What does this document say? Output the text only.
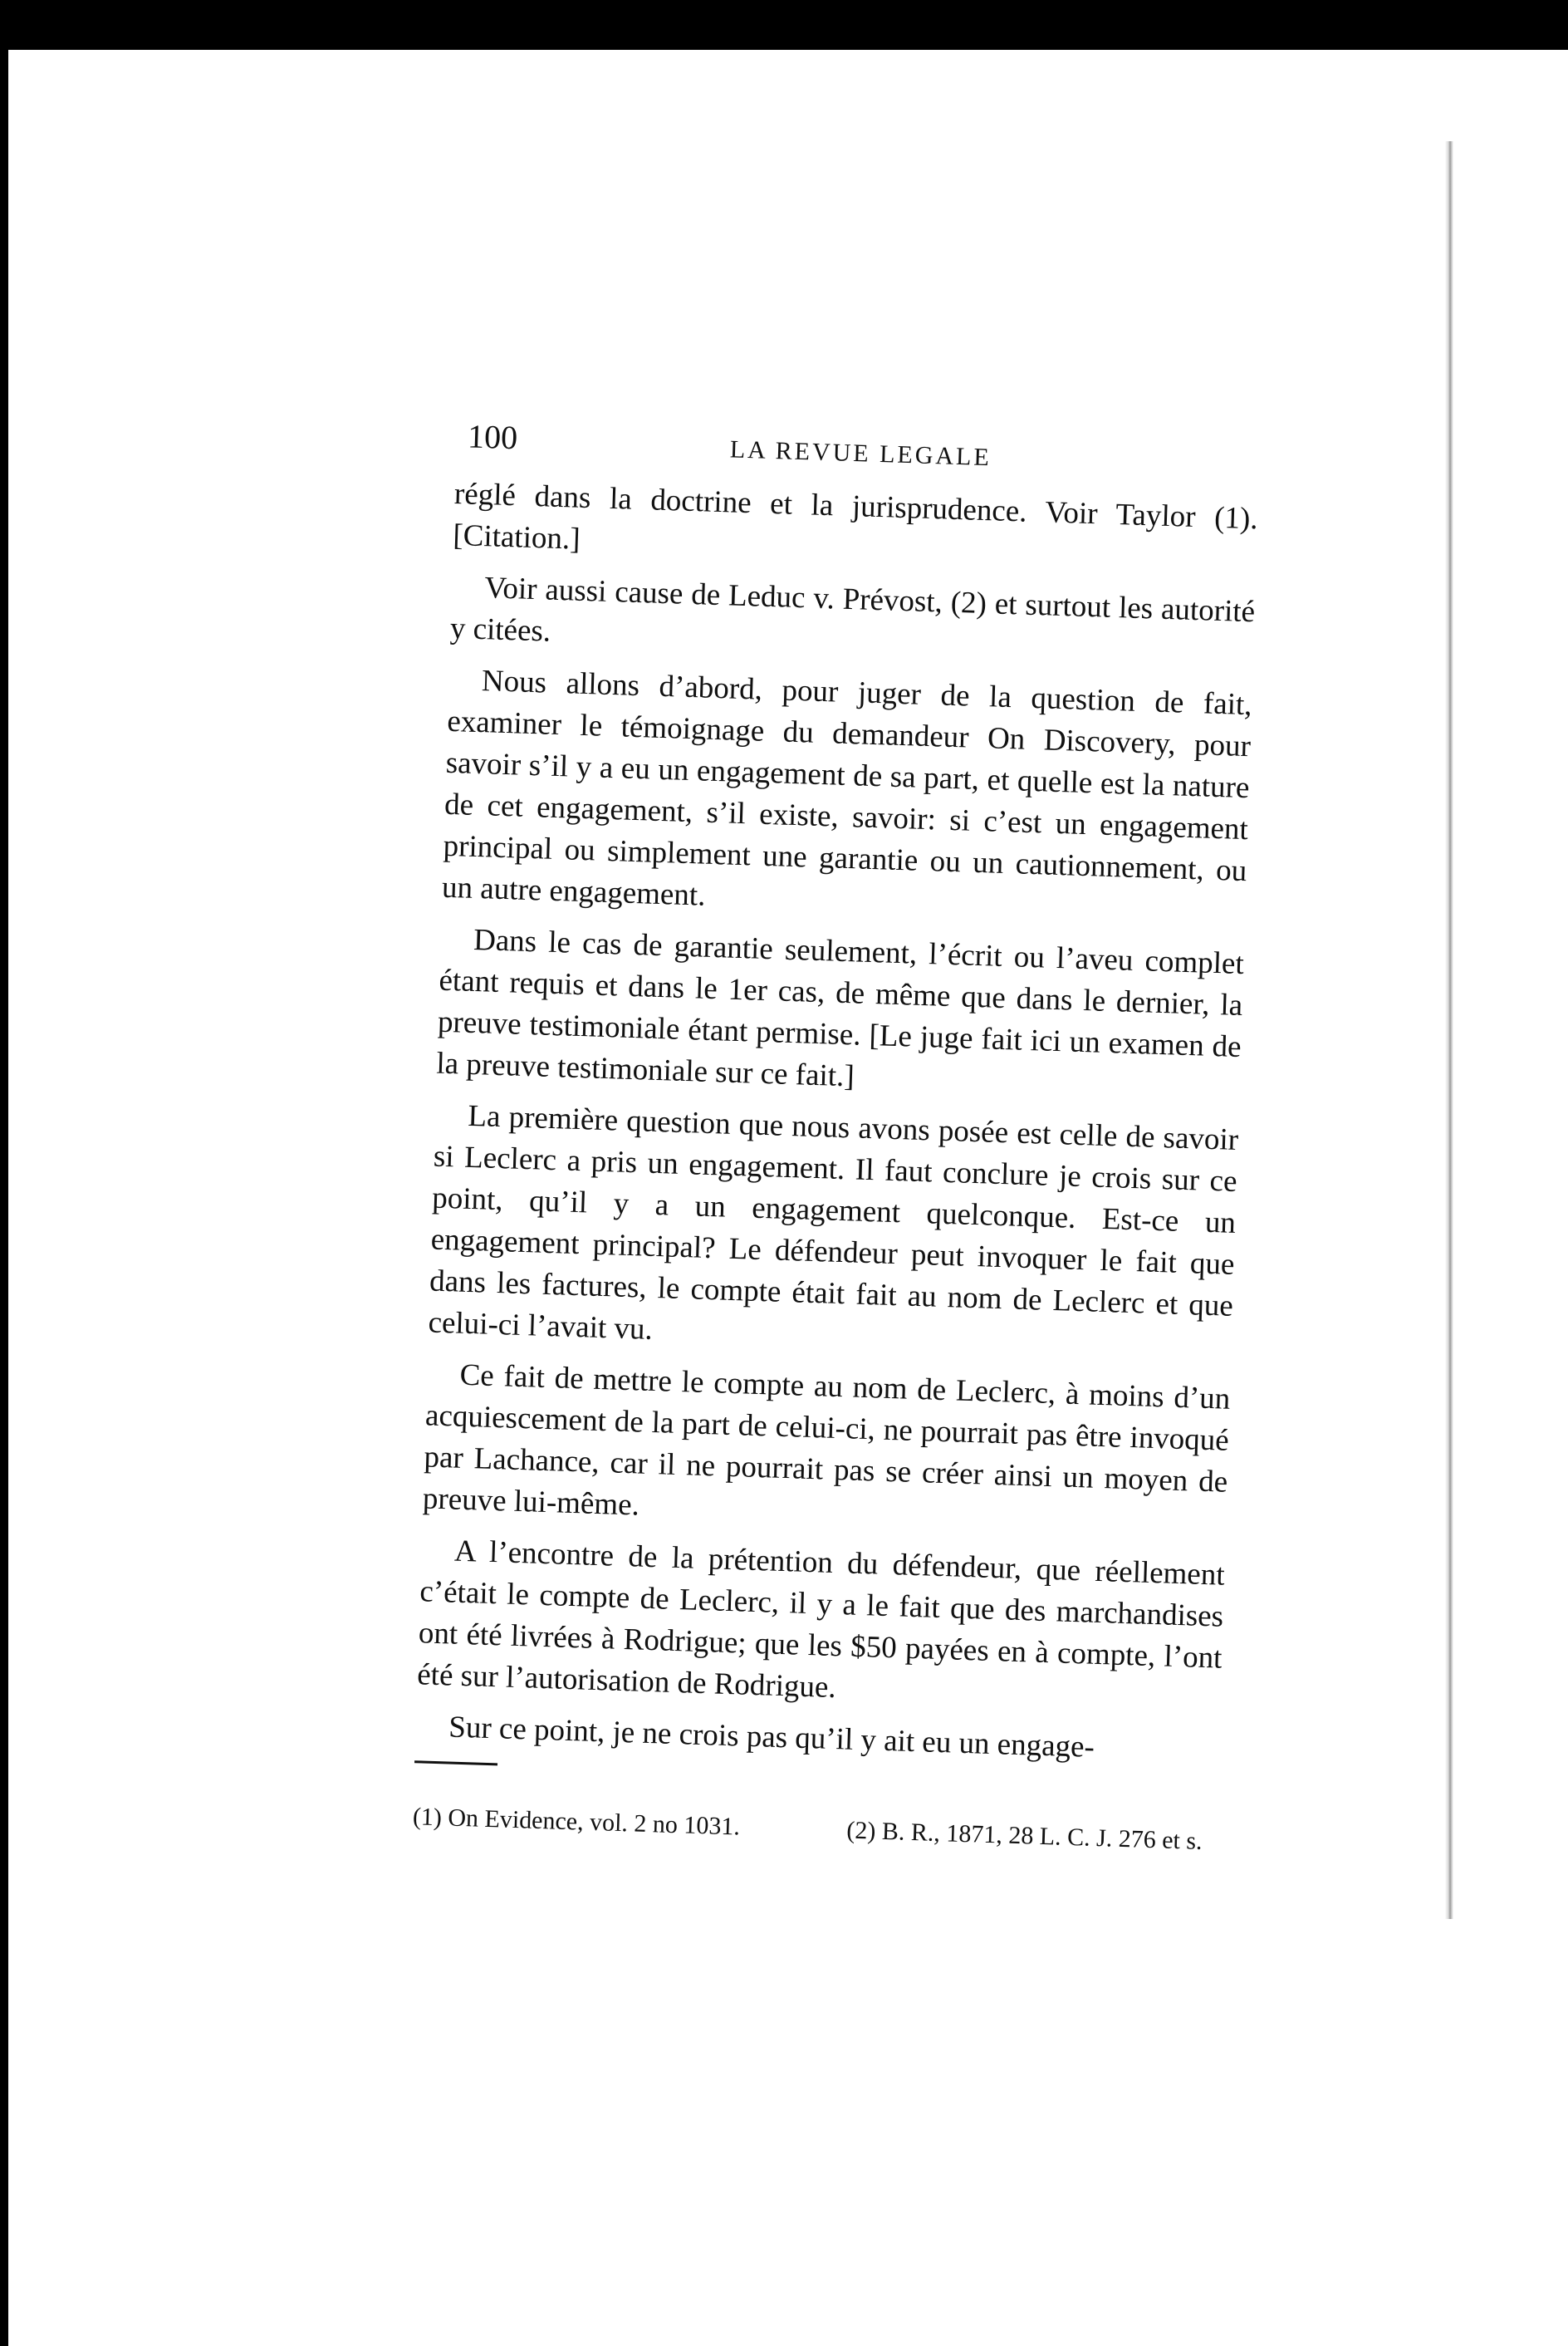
100	LA REVUE LEGALE

réglé dans la doctrine et la jurisprudence. Voir Taylor (1). [Citation.]

Voir aussi cause de Leduc v. Prévost, (2) et surtout les autorité y citées.

Nous allons d’abord, pour juger de la question de fait, examiner le témoignage du demandeur On Discovery, pour savoir s’il y a eu un engagement de sa part, et quelle est la nature de cet engagement, s’il existe, savoir: si c’est un engagement principal ou simplement une garantie ou un cautionnement, ou un autre engagement.

Dans le cas de garantie seulement, l’écrit ou l’aveu complet étant requis et dans le 1er cas, de même que dans le dernier, la preuve testimoniale étant permise. [Le juge fait ici un examen de la preuve testimoniale sur ce fait.]

La première question que nous avons posée est celle de savoir si Leclerc a pris un engagement. Il faut conclure je crois sur ce point, qu’il y a un engagement quelconque. Est-ce un engagement principal? Le défendeur peut invoquer le fait que dans les factures, le compte était fait au nom de Leclerc et que celui-ci l’avait vu.

Ce fait de mettre le compte au nom de Leclerc, à moins d’un acquiescement de la part de celui-ci, ne pourrait pas être invoqué par Lachance, car il ne pourrait pas se créer ainsi un moyen de preuve lui-même.

A l’encontre de la prétention du défendeur, que réellement c’était le compte de Leclerc, il y a le fait que des marchandises ont été livrées à Rodrigue; que les $50 payées en à compte, l’ont été sur l’autorisation de Rodrigue.

Sur ce point, je ne crois pas qu’il y ait eu un engage-

(1) On Evidence, vol. 2 no 1031.	(2) B. R., 1871, 28 L. C. J. 276 et s.
